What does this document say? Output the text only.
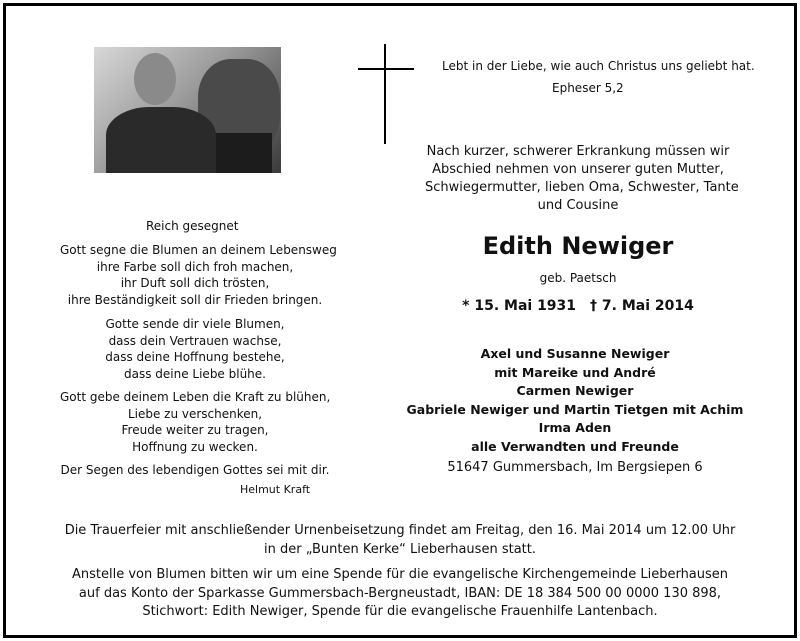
Lebt in der Liebe, wie auch Christus uns geliebt hat.
Epheser 5,2
Nach kurzer, schwerer Erkrankung müssen wir
Abschied nehmen von unserer guten Mutter,
Schwiegermutter, lieben Oma, Schwester, Tante
und Cousine
Edith Newiger
geb. Paetsch
* 15. Mai 1931 † 7. Mai 2014
Reich gesegnet
Gott segne die Blumen an deinem Lebensweg
ihre Farbe soll dich froh machen,
ihr Duft soll dich trösten,
ihre Beständigkeit soll dir Frieden bringen.
Gotte sende dir viele Blumen,
dass dein Vertrauen wachse,
dass deine Hoffnung bestehe,
dass deine Liebe blühe.
Gott gebe deinem Leben die Kraft zu blühen,
Liebe zu verschenken,
Freude weiter zu tragen,
Hoffnung zu wecken.
Der Segen des lebendigen Gottes sei mit dir.
Helmut Kraft
Axel und Susanne Newiger
mit Mareike und André
Carmen Newiger
Gabriele Newiger und Martin Tietgen mit Achim
Irma Aden
alle Verwandten und Freunde
51647 Gummersbach, Im Bergsiepen 6
Die Trauerfeier mit anschließender Urnenbeisetzung findet am Freitag, den 16. Mai 2014 um 12.00 Uhr
in der „Bunten Kerke“ Lieberhausen statt.
Anstelle von Blumen bitten wir um eine Spende für die evangelische Kirchengemeinde Lieberhausen
auf das Konto der Sparkasse Gummersbach-Bergneustadt, IBAN: DE 18 384 500 00 0000 130 898,
Stichwort: Edith Newiger, Spende für die evangelische Frauenhilfe Lantenbach.
